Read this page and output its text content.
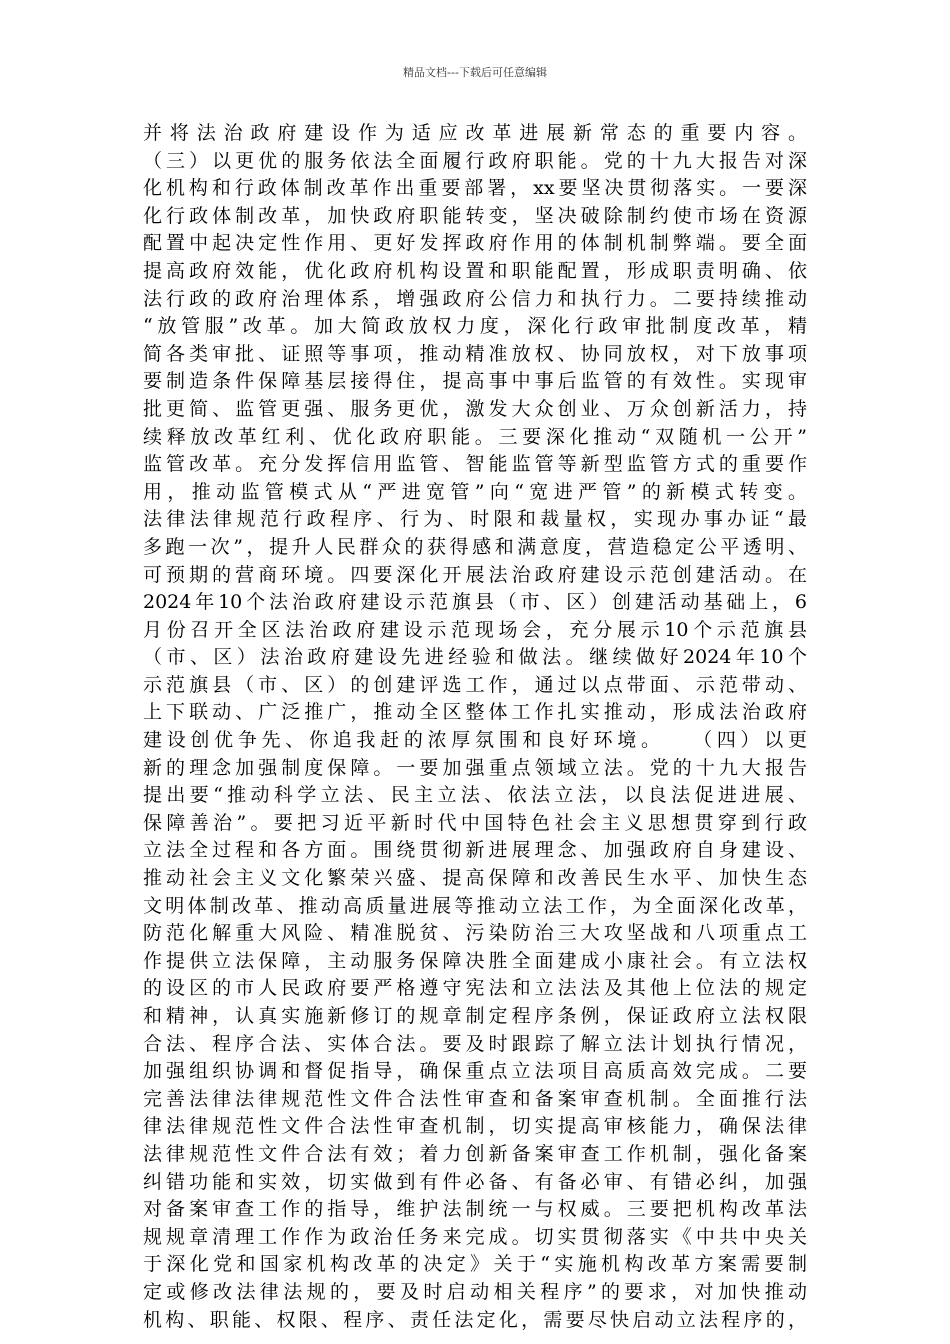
精品文档---下载后可任意编辑
并将法治政府建设作为适应改革进展新常态的重要内容。
（三）以更优的服务依法全面履行政府职能。党的十九大报告对深
化机构和行政体制改革作出重要部署，xx要坚决贯彻落实。一要深
化行政体制改革，加快政府职能转变，坚决破除制约使市场在资源
配置中起决定性作用、更好发挥政府作用的体制机制弊端。要全面
提高政府效能，优化政府机构设置和职能配置，形成职责明确、依
法行政的政府治理体系，增强政府公信力和执行力。二要持续推动
“放管服”改革。加大简政放权力度，深化行政审批制度改革，精
简各类审批、证照等事项，推动精准放权、协同放权，对下放事项
要制造条件保障基层接得住，提高事中事后监管的有效性。实现审
批更简、监管更强、服务更优，激发大众创业、万众创新活力，持
续释放改革红利、优化政府职能。三要深化推动“双随机一公开”
监管改革。充分发挥信用监管、智能监管等新型监管方式的重要作
用，推动监管模式从“严进宽管”向“宽进严管”的新模式转变。
法律法律规范行政程序、行为、时限和裁量权，实现办事办证“最
多跑一次”，提升人民群众的获得感和满意度，营造稳定公平透明、
可预期的营商环境。四要深化开展法治政府建设示范创建活动。在
2024年10个法治政府建设示范旗县（市、区）创建活动基础上，6
月份召开全区法治政府建设示范现场会，充分展示10个示范旗县
（市、区）法治政府建设先进经验和做法。继续做好2024年10个
示范旗县（市、区）的创建评选工作，通过以点带面、示范带动、
上下联动、广泛推广，推动全区整体工作扎实推动，形成法治政府
建设创优争先、你追我赶的浓厚氛围和良好环境。　　（四）以更
新的理念加强制度保障。一要加强重点领域立法。党的十九大报告
提出要“推动科学立法、民主立法、依法立法，以良法促进进展、
保障善治”。要把习近平新时代中国特色社会主义思想贯穿到行政
立法全过程和各方面。围绕贯彻新进展理念、加强政府自身建设、
推动社会主义文化繁荣兴盛、提高保障和改善民生水平、加快生态
文明体制改革、推动高质量进展等推动立法工作，为全面深化改革，
防范化解重大风险、精准脱贫、污染防治三大攻坚战和八项重点工
作提供立法保障，主动服务保障决胜全面建成小康社会。有立法权
的设区的市人民政府要严格遵守宪法和立法法及其他上位法的规定
和精神，认真实施新修订的规章制定程序条例，保证政府立法权限
合法、程序合法、实体合法。要及时跟踪了解立法计划执行情况，
加强组织协调和督促指导，确保重点立法项目高质高效完成。二要
完善法律法律规范性文件合法性审查和备案审查机制。全面推行法
律法律规范性文件合法性审查机制，切实提高审核能力，确保法律
法律规范性文件合法有效；着力创新备案审查工作机制，强化备案
纠错功能和实效，切实做到有件必备、有备必审、有错必纠，加强
对备案审查工作的指导，维护法制统一与权威。三要把机构改革法
规规章清理工作作为政治任务来完成。切实贯彻落实《中共中央关
于深化党和国家机构改革的决定》关于“实施机构改革方案需要制
定或修改法律法规的，要及时启动相关程序”的要求，对加快推动
机构、职能、权限、程序、责任法定化，需要尽快启动立法程序的，
